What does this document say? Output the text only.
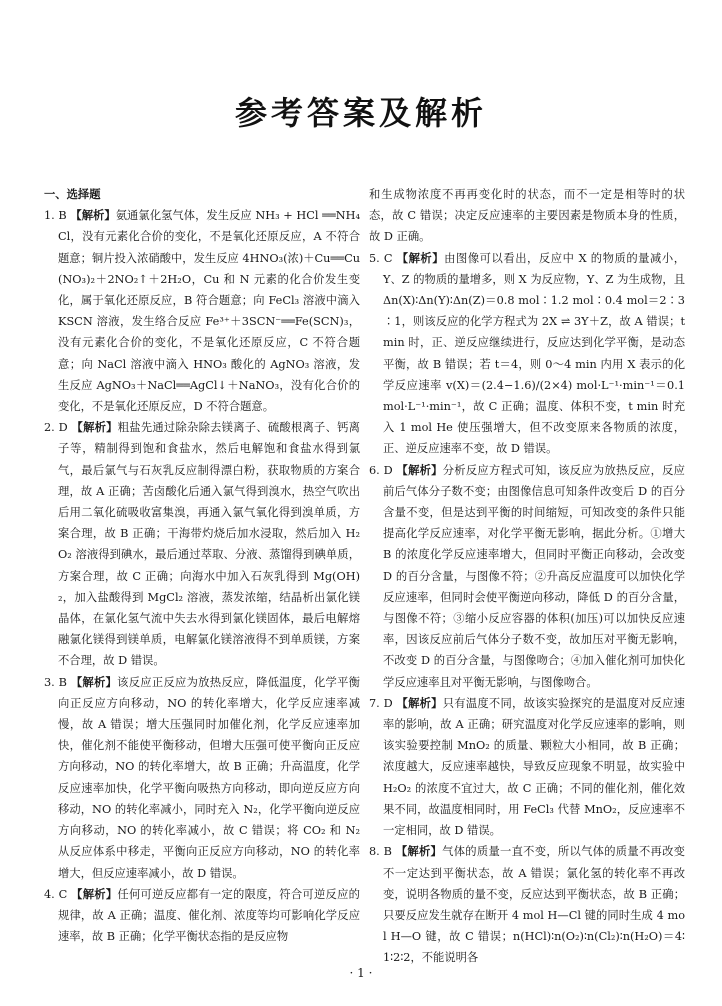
参考答案及解析
一、选择题

1. B 【解析】氨通氯化氢气体，发生反应 NH₃ + HCl ══NH₄Cl，没有元素化合价的变化，不是氧化还原反应，A 不符合题意；铜片投入浓硝酸中，发生反应 4HNO₃(浓)＋Cu══Cu(NO₃)₂＋2NO₂↑＋2H₂O，Cu 和 N 元素的化合价发生变化，属于氧化还原反应，B 符合题意；向 FeCl₃ 溶液中滴入 KSCN 溶液，发生络合反应 Fe³⁺＋3SCN⁻══Fe(SCN)₃，没有元素化合价的变化，不是氧化还原反应，C 不符合题意；向 NaCl 溶液中滴入 HNO₃ 酸化的 AgNO₃ 溶液，发生反应 AgNO₃＋NaCl══AgCl↓＋NaNO₃，没有化合价的变化，不是氧化还原反应，D 不符合题意。

2. D 【解析】粗盐先通过除杂除去镁离子、硫酸根离子、钙离子等，精制得到饱和食盐水，然后电解饱和食盐水得到氯气，最后氯气与石灰乳反应制得漂白粉，获取物质的方案合理，故 A 正确；苦卤酸化后通入氯气得到溴水，热空气吹出后用二氧化硫吸收富集溴，再通入氯气氧化得到溴单质，方案合理，故 B 正确；干海带灼烧后加水浸取，然后加入 H₂O₂ 溶液得到碘水，最后通过萃取、分液、蒸馏得到碘单质，方案合理，故 C 正确；向海水中加入石灰乳得到 Mg(OH)₂，加入盐酸得到 MgCl₂ 溶液，蒸发浓缩，结晶析出氯化镁晶体，在氯化氢气流中失去水得到氯化镁固体，最后电解熔融氯化镁得到镁单质，电解氯化镁溶液得不到单质镁，方案不合理，故 D 错误。

3. B 【解析】该反应正反应为放热反应，降低温度，化学平衡向正反应方向移动，NO 的转化率增大，化学反应速率减慢，故 A 错误；增大压强同时加催化剂，化学反应速率加快，催化剂不能使平衡移动，但增大压强可使平衡向正反应方向移动，NO 的转化率增大，故 B 正确；升高温度，化学反应速率加快，化学平衡向吸热方向移动，即向逆反应方向移动，NO 的转化率减小，同时充入 N₂，化学平衡向逆反应方向移动，NO 的转化率减小，故 C 错误；将 CO₂ 和 N₂ 从反应体系中移走，平衡向正反应方向移动，NO 的转化率增大，但反应速率减小，故 D 错误。

4. C 【解析】任何可逆反应都有一定的限度，符合可逆反应的规律，故 A 正确；温度、催化剂、浓度等均可影响化学反应速率，故 B 正确；化学平衡状态指的是反应物

和生成物浓度不再再变化时的状态，而不一定是相等时的状态，故 C 错误；决定反应速率的主要因素是物质本身的性质，故 D 正确。

5. C 【解析】由图像可以看出，反应中 X 的物质的量减小，Y、Z 的物质的量增多，则 X 为反应物，Y、Z 为生成物，且 Δn(X)∶Δn(Y)∶Δn(Z)＝0.8 mol∶1.2 mol∶0.4 mol＝2∶3∶1，则该反应的化学方程式为 2X ⇌ 3Y＋Z，故 A 错误；t min 时，正、逆反应继续进行，反应达到化学平衡，是动态平衡，故 B 错误；若 t＝4，则 0～4 min 内用 X 表示的化学反应速率 v(X)＝(2.4−1.6)/(2×4) mol·L⁻¹·min⁻¹＝0.1 mol·L⁻¹·min⁻¹，故 C 正确；温度、体积不变，t min 时充入 1 mol He 使压强增大，但不改变原来各物质的浓度，正、逆反应速率不变，故 D 错误。

6. D 【解析】分析反应方程式可知，该反应为放热反应，反应前后气体分子数不变；由图像信息可知条件改变后 D 的百分含量不变，但是达到平衡的时间缩短，可知改变的条件只能提高化学反应速率，对化学平衡无影响，据此分析。①增大 B 的浓度化学反应速率增大，但同时平衡正向移动，会改变 D 的百分含量，与图像不符；②升高反应温度可以加快化学反应速率，但同时会使平衡逆向移动，降低 D 的百分含量，与图像不符；③缩小反应容器的体积(加压)可以加快反应速率，因该反应前后气体分子数不变，故加压对平衡无影响，不改变 D 的百分含量，与图像吻合；④加入催化剂可加快化学反应速率且对平衡无影响，与图像吻合。

7. D 【解析】只有温度不同，故该实验探究的是温度对反应速率的影响，故 A 正确；研究温度对化学反应速率的影响，则该实验要控制 MnO₂ 的质量、颗粒大小相同，故 B 正确；浓度越大，反应速率越快，导致反应现象不明显，故实验中 H₂O₂ 的浓度不宜过大，故 C 正确；不同的催化剂，催化效果不同，故温度相同时，用 FeCl₃ 代替 MnO₂，反应速率不一定相同，故 D 错误。

8. B 【解析】气体的质量一直不变，所以气体的质量不再改变不一定达到平衡状态，故 A 错误；氯化氢的转化率不再改变，说明各物质的量不变，反应达到平衡状态，故 B 正确；只要反应发生就存在断开 4 mol H—Cl 键的同时生成 4 mol H—O 键，故 C 错误；n(HCl)∶n(O₂)∶n(Cl₂)∶n(H₂O)＝4∶1∶2∶2，不能说明各

· 1 ·
